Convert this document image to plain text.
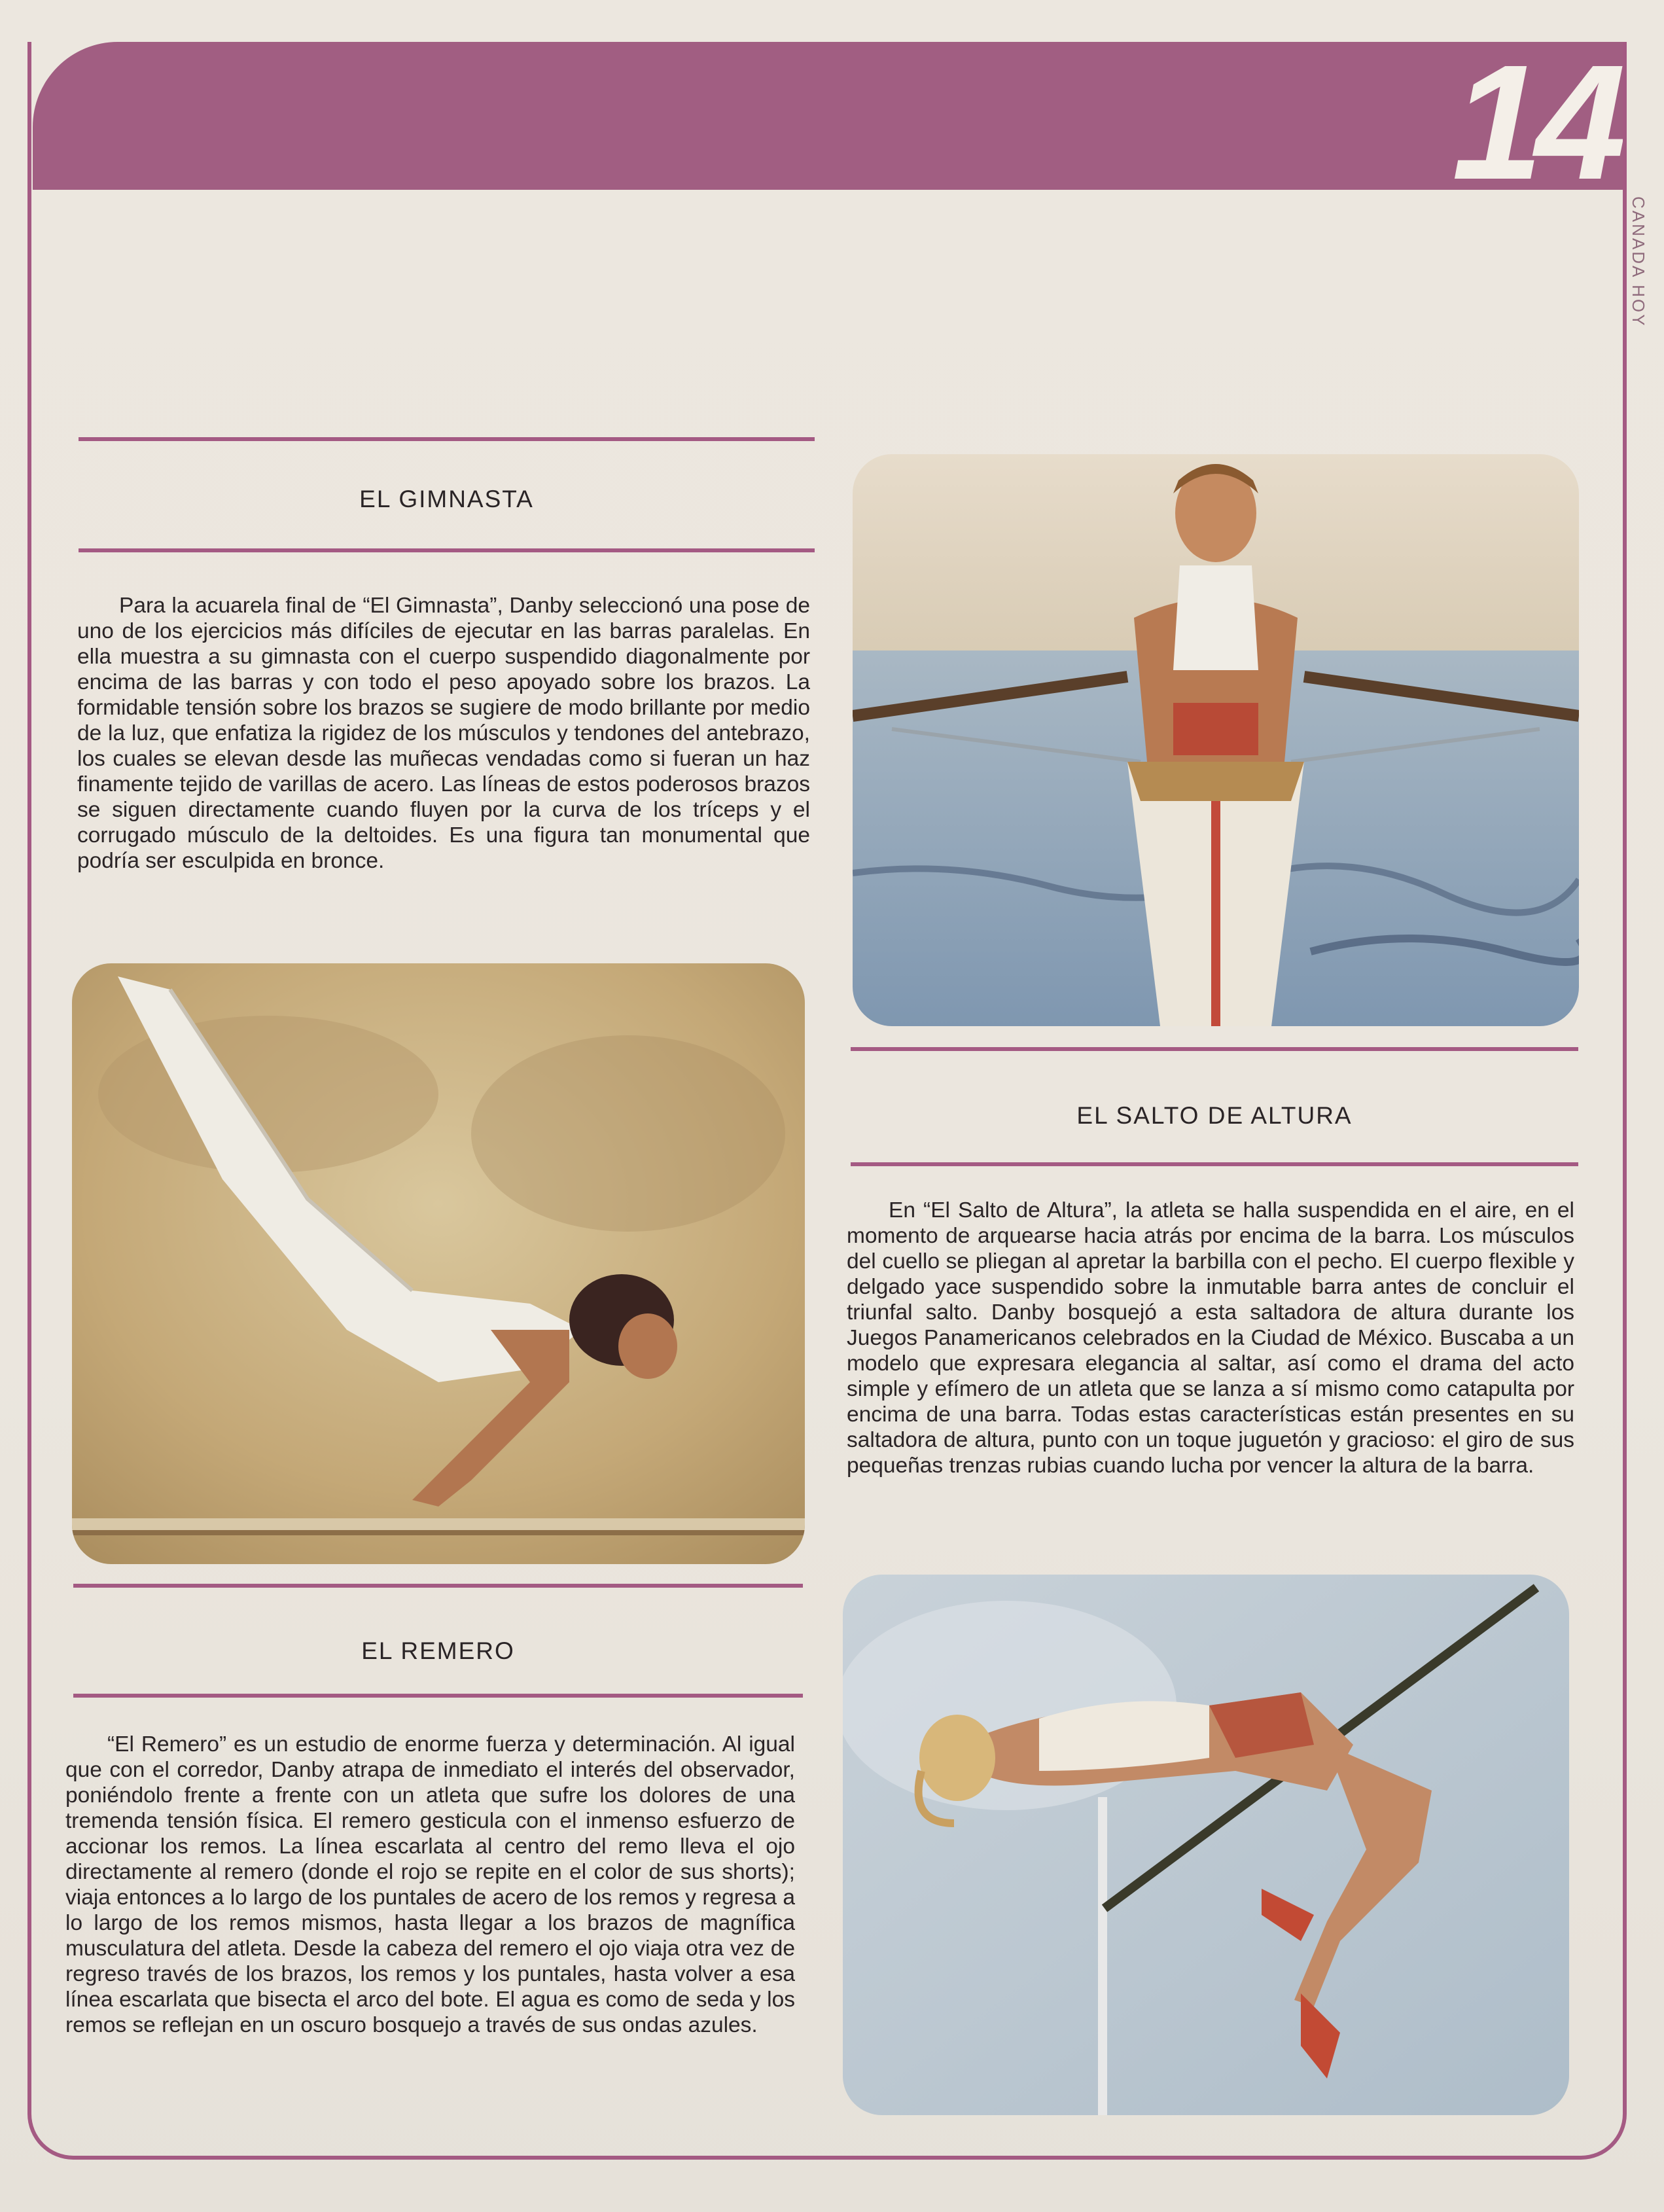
14
CANADA HOY
EL GIMNASTA

Para la acuarela final de “El Gimnasta”, Danby seleccionó una pose de uno de los ejercicios más difíciles de ejecutar en las barras paralelas. En ella muestra a su gimnasta con el cuerpo suspendido diagonalmente por encima de las barras y con todo el peso apoyado sobre los brazos. La formidable tensión sobre los brazos se sugiere de modo brillante por medio de la luz, que enfatiza la rigidez de los músculos y tendones del antebrazo, los cuales se elevan desde las muñecas vendadas como si fueran un haz finamente tejido de varillas de acero. Las líneas de estos poderosos brazos se siguen directamente cuando fluyen por la curva de los tríceps y el corrugado músculo de la deltoides. Es una figura tan monumental que podría ser esculpida en bronce.

EL REMERO

“El Remero” es un estudio de enorme fuerza y determinación. Al igual que con el corredor, Danby atrapa de inmediato el interés del observador, poniéndolo frente a frente con un atleta que sufre los dolores de una tremenda tensión física. El remero gesticula con el inmenso esfuerzo de accionar los remos. La línea escarlata al centro del remo lleva el ojo directamente al remero (donde el rojo se repite en el color de sus shorts); viaja entonces a lo largo de los puntales de acero de los remos y regresa a lo largo de los remos mismos, hasta llegar a los brazos de magnífica musculatura del atleta. Desde la cabeza del remero el ojo viaja otra vez de regreso través de los brazos, los remos y los puntales, hasta volver a esa línea escarlata que bisecta el arco del bote. El agua es como de seda y los remos se reflejan en un oscuro bosquejo a través de sus ondas azules.

EL SALTO DE ALTURA

En “El Salto de Altura”, la atleta se halla suspendida en el aire, en el momento de arquearse hacia atrás por encima de la barra. Los músculos del cuello se pliegan al apretar la barbilla con el pecho. El cuerpo flexible y delgado yace suspendido sobre la inmutable barra antes de concluir el triunfal salto. Danby bosquejó a esta saltadora de altura durante los Juegos Panamericanos celebrados en la Ciudad de México. Buscaba a un modelo que expresara elegancia al saltar, así como el drama del acto simple y efímero de un atleta que se lanza a sí mismo como catapulta por encima de una barra. Todas estas características están presentes en su saltadora de altura, punto con un toque juguetón y gracioso: el giro de sus pequeñas trenzas rubias cuando lucha por vencer la altura de la barra.
